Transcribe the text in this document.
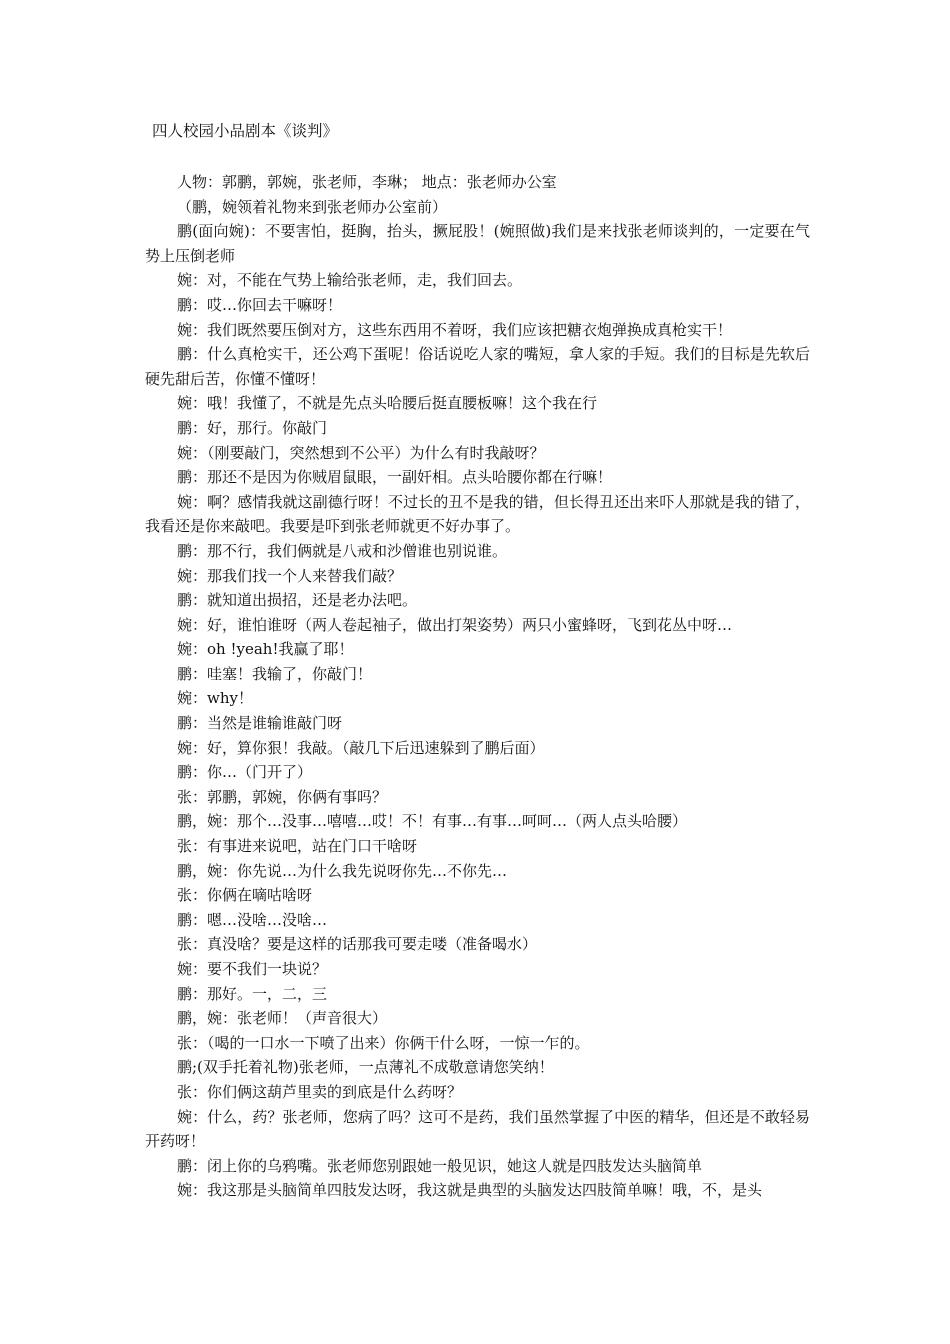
四人校园小品剧本《谈判》

人物：郭鹏，郭婉，张老师，李琳； 地点：张老师办公室

（鹏，婉领着礼物来到张老师办公室前）

鹏(面向婉)：不要害怕，挺胸，抬头，撅屁股！(婉照做)我们是来找张老师谈判的，一定要在气势上压倒老师

婉：对，不能在气势上输给张老师，走，我们回去。

鹏：哎…你回去干嘛呀！

婉：我们既然要压倒对方，这些东西用不着呀，我们应该把糖衣炮弹换成真枪实干！

鹏：什么真枪实干，还公鸡下蛋呢！俗话说吃人家的嘴短，拿人家的手短。我们的目标是先软后硬先甜后苦，你懂不懂呀！

婉：哦！我懂了，不就是先点头哈腰后挺直腰板嘛！这个我在行

鹏：好，那行。你敲门

婉：（刚要敲门，突然想到不公平）为什么有时我敲呀？

鹏：那还不是因为你贼眉鼠眼，一副奸相。点头哈腰你都在行嘛！

婉：啊？感情我就这副德行呀！不过长的丑不是我的错，但长得丑还出来吓人那就是我的错了，我看还是你来敲吧。我要是吓到张老师就更不好办事了。

鹏：那不行，我们俩就是八戒和沙僧谁也别说谁。

婉：那我们找一个人来替我们敲？

鹏：就知道出损招，还是老办法吧。

婉：好，谁怕谁呀（两人卷起袖子，做出打架姿势）两只小蜜蜂呀，飞到花丛中呀…

婉：oh !yeah!我赢了耶！

鹏：哇塞！我输了，你敲门！

婉：why！

鹏：当然是谁输谁敲门呀

婉：好，算你狠！我敲。（敲几下后迅速躲到了鹏后面）

鹏：你…（门开了）

张：郭鹏，郭婉，你俩有事吗？

鹏，婉：那个…没事…嘻嘻…哎！不！有事…有事…呵呵…（两人点头哈腰）

张：有事进来说吧，站在门口干啥呀

鹏，婉：你先说…为什么我先说呀你先…不你先…

张：你俩在嘀咕啥呀

鹏：嗯…没啥…没啥…

张：真没啥？要是这样的话那我可要走喽（准备喝水）

婉：要不我们一块说？

鹏：那好。一，二，三

鹏，婉：张老师！（声音很大）

张：（喝的一口水一下喷了出来）你俩干什么呀，一惊一乍的。

鹏;(双手托着礼物)张老师，一点薄礼不成敬意请您笑纳！

张：你们俩这葫芦里卖的到底是什么药呀？

婉：什么，药？张老师，您病了吗？这可不是药，我们虽然掌握了中医的精华，但还是不敢轻易开药呀！

鹏：闭上你的乌鸦嘴。张老师您别跟她一般见识，她这人就是四肢发达头脑简单

婉：我这那是头脑简单四肢发达呀，我这就是典型的头脑发达四肢简单嘛！哦，不，是头
